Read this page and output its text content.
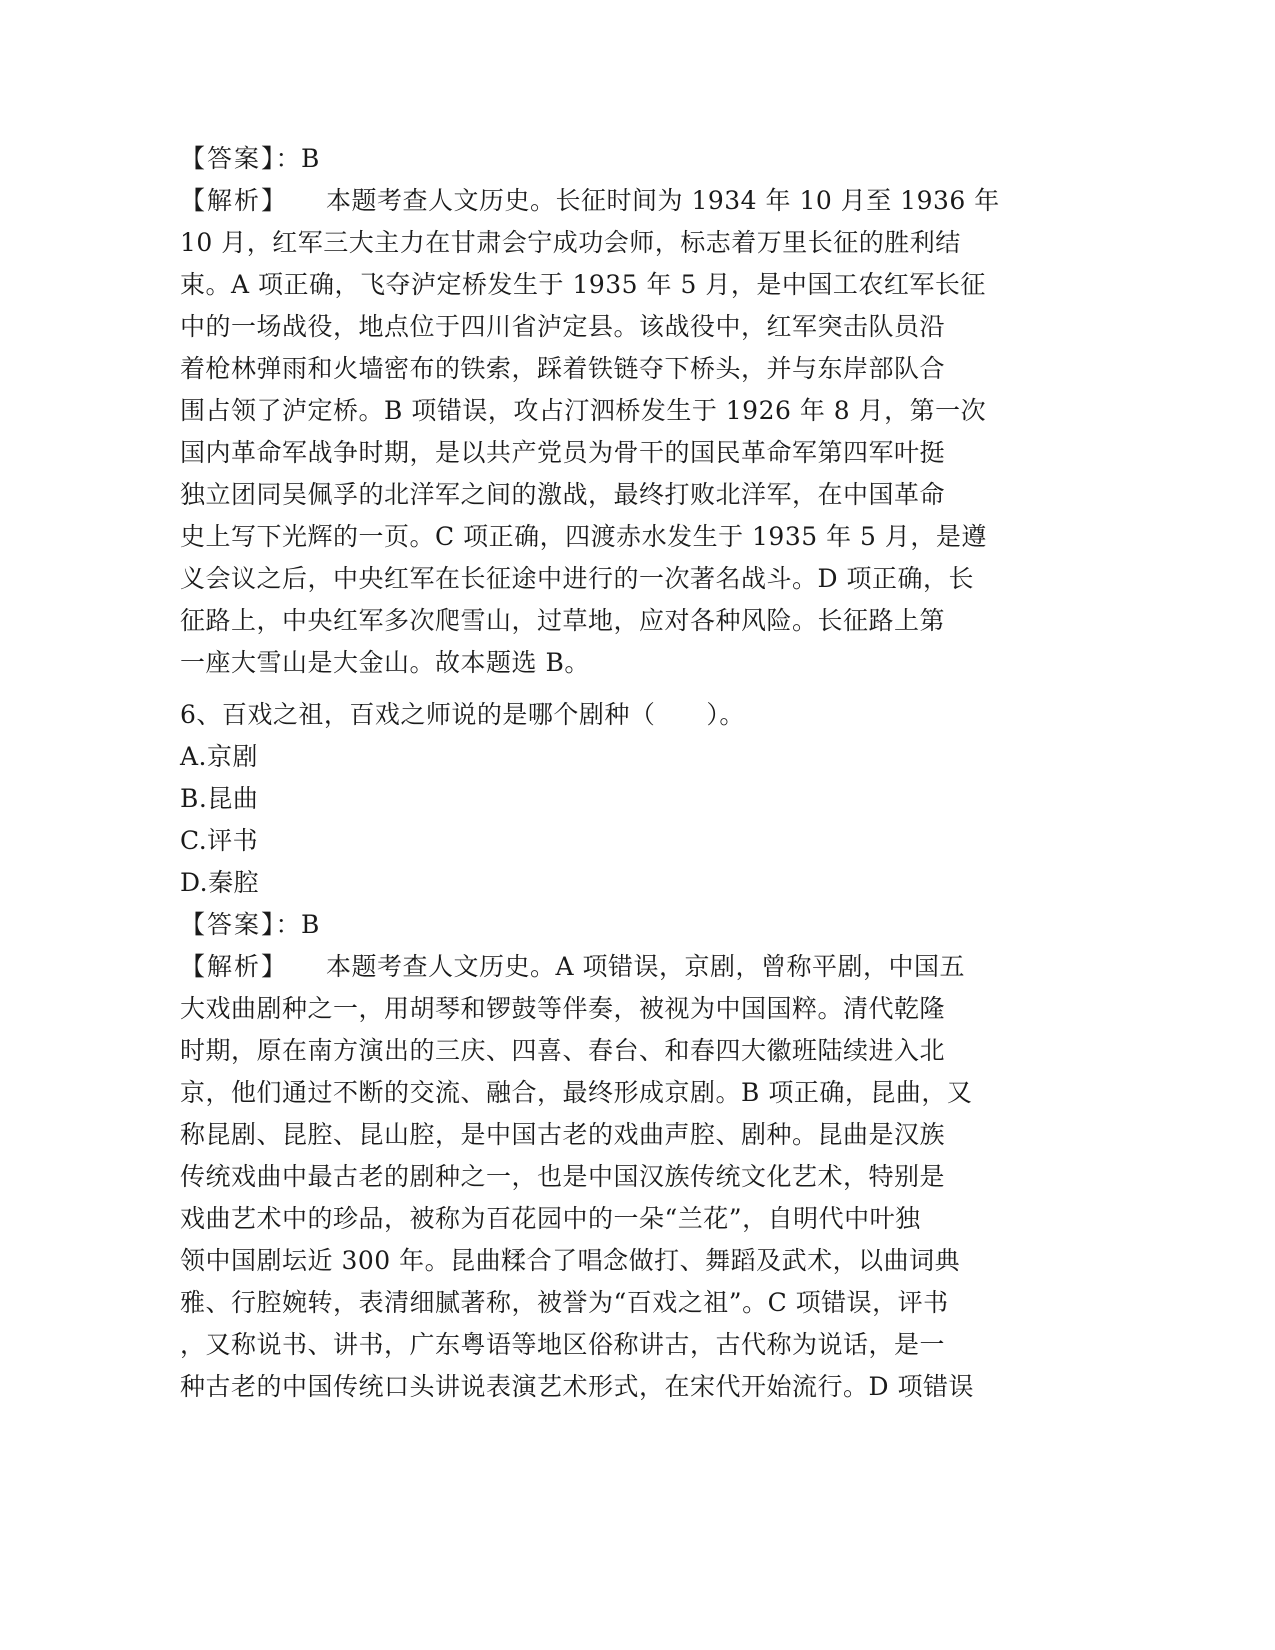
【答案】：B
【解析】 本题考查人文历史。长征时间为 1934 年 10 月至 1936 年
10 月，红军三大主力在甘肃会宁成功会师，标志着万里长征的胜利结
束。A 项正确，飞夺泸定桥发生于 1935 年 5 月，是中国工农红军长征
中的一场战役，地点位于四川省泸定县。该战役中，红军突击队员沿
着枪林弹雨和火墙密布的铁索，踩着铁链夺下桥头，并与东岸部队合
围占领了泸定桥。B 项错误，攻占汀泗桥发生于 1926 年 8 月，第一次
国内革命军战争时期，是以共产党员为骨干的国民革命军第四军叶挺
独立团同吴佩孚的北洋军之间的激战，最终打败北洋军，在中国革命
史上写下光辉的一页。C 项正确，四渡赤水发生于 1935 年 5 月，是遵
义会议之后，中央红军在长征途中进行的一次著名战斗。D 项正确，长
征路上，中央红军多次爬雪山，过草地，应对各种风险。长征路上第
一座大雪山是大金山。故本题选 B。
6、百戏之祖，百戏之师说的是哪个剧种（　　）。
A.京剧
B.昆曲
C.评书
D.秦腔
【答案】：B
【解析】 本题考查人文历史。A 项错误，京剧，曾称平剧，中国五
大戏曲剧种之一，用胡琴和锣鼓等伴奏，被视为中国国粹。清代乾隆
时期，原在南方演出的三庆、四喜、春台、和春四大徽班陆续进入北
京，他们通过不断的交流、融合，最终形成京剧。B 项正确，昆曲，又
称昆剧、昆腔、昆山腔，是中国古老的戏曲声腔、剧种。昆曲是汉族
传统戏曲中最古老的剧种之一，也是中国汉族传统文化艺术，特别是
戏曲艺术中的珍品，被称为百花园中的一朵“兰花”，自明代中叶独
领中国剧坛近 300 年。昆曲糅合了唱念做打、舞蹈及武术，以曲词典
雅、行腔婉转，表清细腻著称，被誉为“百戏之祖”。C 项错误，评书
，又称说书、讲书，广东粤语等地区俗称讲古，古代称为说话，是一
种古老的中国传统口头讲说表演艺术形式，在宋代开始流行。D 项错误
